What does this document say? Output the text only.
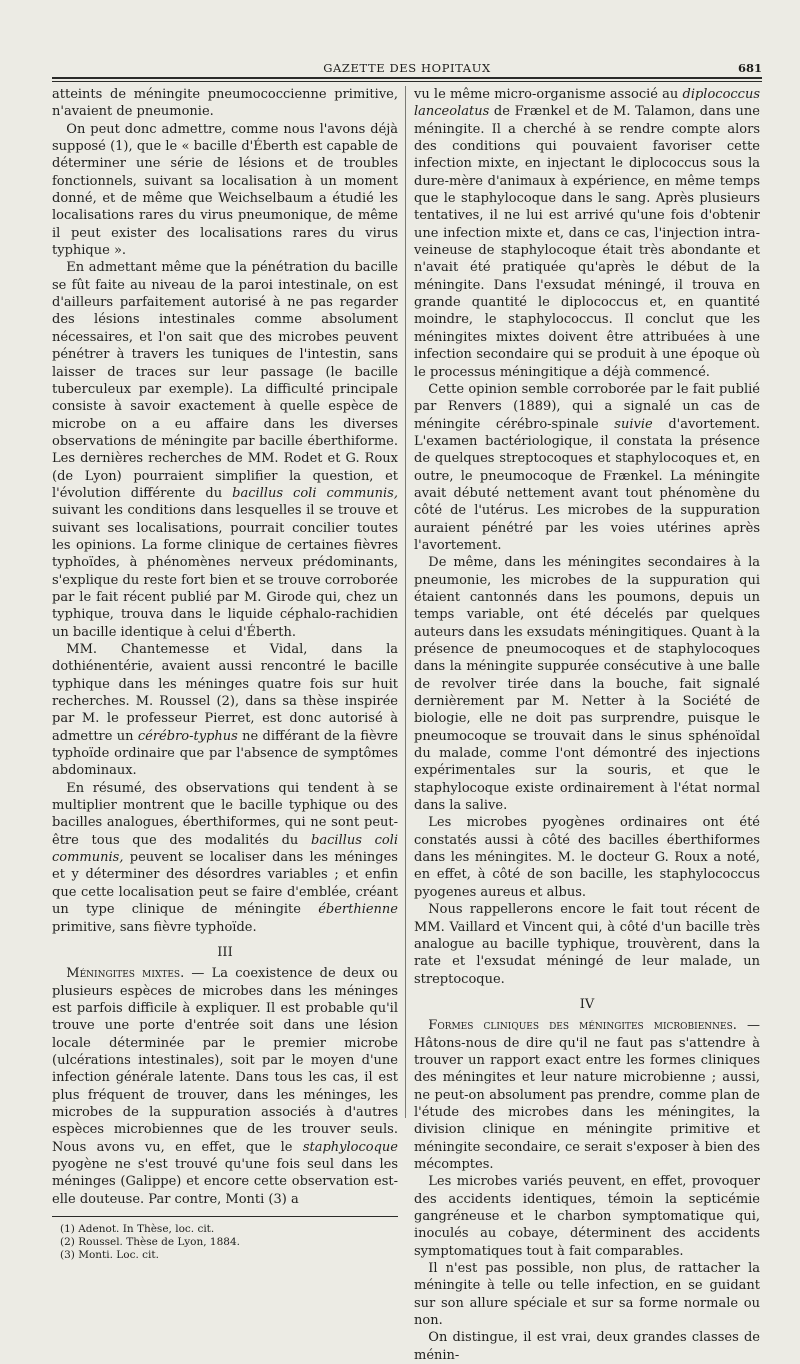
GAZETTE DES HOPITAUX	681

atteints de méningite pneumococcienne primitive, n'avaient de pneumonie.

On peut donc admettre, comme nous l'avons déjà supposé (1), que le « bacille d'Éberth est capable de déterminer une série de lésions et de troubles fonctionnels, suivant sa localisation à un moment donné, et de même que Weichselbaum a étudié les localisations rares du virus pneumonique, de même il peut exister des localisations rares du virus typhique ».

En admettant même que la pénétration du bacille se fût faite au niveau de la paroi intestinale, on est d'ailleurs parfaitement autorisé à ne pas regarder des lésions intestinales comme absolument nécessaires, et l'on sait que des microbes peuvent pénétrer à travers les tuniques de l'intestin, sans laisser de traces sur leur passage (le bacille tuberculeux par exemple). La difficulté principale consiste à savoir exactement à quelle espèce de microbe on a eu affaire dans les diverses observations de méningite par bacille éberthiforme. Les dernières recherches de MM. Rodet et G. Roux (de Lyon) pourraient simplifier la question, et l'évolution différente du bacillus coli communis, suivant les conditions dans lesquelles il se trouve et suivant ses localisations, pourrait concilier toutes les opinions. La forme clinique de certaines fièvres typhoïdes, à phénomènes nerveux prédominants, s'explique du reste fort bien et se trouve corroborée par le fait récent publié par M. Girode qui, chez un typhique, trouva dans le liquide céphalo-rachidien un bacille identique à celui d'Éberth.

MM. Chantemesse et Vidal, dans la dothiénentérie, avaient aussi rencontré le bacille typhique dans les méninges quatre fois sur huit recherches. M. Roussel (2), dans sa thèse inspirée par M. le professeur Pierret, est donc autorisé à admettre un cérébro-typhus ne différant de la fièvre typhoïde ordinaire que par l'absence de symptômes abdominaux.

En résumé, des observations qui tendent à se multiplier montrent que le bacille typhique ou des bacilles analogues, éberthiformes, qui ne sont peut-être tous que des modalités du bacillus coli communis, peuvent se localiser dans les méninges et y déterminer des désordres variables ; et enfin que cette localisation peut se faire d'emblée, créant un type clinique de méningite éberthienne primitive, sans fièvre typhoïde.

III

Méningites mixtes. — La coexistence de deux ou plusieurs espèces de microbes dans les méninges est parfois difficile à expliquer. Il est probable qu'il trouve une porte d'entrée soit dans une lésion locale déterminée par le premier microbe (ulcérations intestinales), soit par le moyen d'une infection générale latente. Dans tous les cas, il est plus fréquent de trouver, dans les méninges, les microbes de la suppuration associés à d'autres espèces microbiennes que de les trouver seuls. Nous avons vu, en effet, que le staphylocoque pyogène ne s'est trouvé qu'une fois seul dans les méninges (Galippe) et encore cette observation est-elle douteuse. Par contre, Monti (3) a

(1) Adenot. In Thèse, loc. cit.
(2) Roussel. Thèse de Lyon, 1884.
(3) Monti. Loc. cit.

vu le même micro-organisme associé au diplococcus lanceolatus de Frænkel et de M. Talamon, dans une méningite. Il a cherché à se rendre compte alors des conditions qui pouvaient favoriser cette infection mixte, en injectant le diplococcus sous la dure-mère d'animaux à expérience, en même temps que le staphylocoque dans le sang. Après plusieurs tentatives, il ne lui est arrivé qu'une fois d'obtenir une infection mixte et, dans ce cas, l'injection intra-veineuse de staphylocoque était très abondante et n'avait été pratiquée qu'après le début de la méningite. Dans l'exsudat méningé, il trouva en grande quantité le diplococcus et, en quantité moindre, le staphylococcus. Il conclut que les méningites mixtes doivent être attribuées à une infection secondaire qui se produit à une époque où le processus méningitique a déjà commencé.

Cette opinion semble corroborée par le fait publié par Renvers (1889), qui a signalé un cas de méningite cérébro-spinale suivie d'avortement. L'examen bactériologique, il constata la présence de quelques streptocoques et staphylocoques et, en outre, le pneumocoque de Frænkel. La méningite avait débuté nettement avant tout phénomène du côté de l'utérus. Les microbes de la suppuration auraient pénétré par les voies utérines après l'avortement.

De même, dans les méningites secondaires à la pneumonie, les microbes de la suppuration qui étaient cantonnés dans les poumons, depuis un temps variable, ont été décelés par quelques auteurs dans les exsudats méningitiques. Quant à la présence de pneumocoques et de staphylocoques dans la méningite suppurée consécutive à une balle de revolver tirée dans la bouche, fait signalé dernièrement par M. Netter à la Société de biologie, elle ne doit pas surprendre, puisque le pneumocoque se trouvait dans le sinus sphénoïdal du malade, comme l'ont démontré des injections expérimentales sur la souris, et que le staphylocoque existe ordinairement à l'état normal dans la salive.

Les microbes pyogènes ordinaires ont été constatés aussi à côté des bacilles éberthiformes dans les méningites. M. le docteur G. Roux a noté, en effet, à côté de son bacille, les staphylococcus pyogenes aureus et albus.

Nous rappellerons encore le fait tout récent de MM. Vaillard et Vincent qui, à côté d'un bacille très analogue au bacille typhique, trouvèrent, dans la rate et l'exsudat méningé de leur malade, un streptocoque.

IV

Formes cliniques des méningites microbiennes. — Hâtons-nous de dire qu'il ne faut pas s'attendre à trouver un rapport exact entre les formes cliniques des méningites et leur nature microbienne ; aussi, ne peut-on absolument pas prendre, comme plan de l'étude des microbes dans les méningites, la division clinique en méningite primitive et méningite secondaire, ce serait s'exposer à bien des mécomptes.

Les microbes variés peuvent, en effet, provoquer des accidents identiques, témoin la septicémie gangréneuse et le charbon symptomatique qui, inoculés au cobaye, déterminent des accidents symptomatiques tout à fait comparables.

Il n'est pas possible, non plus, de rattacher la méningite à telle ou telle infection, en se guidant sur son allure spéciale et sur sa forme normale ou non.

On distingue, il est vrai, deux grandes classes de ménin-
